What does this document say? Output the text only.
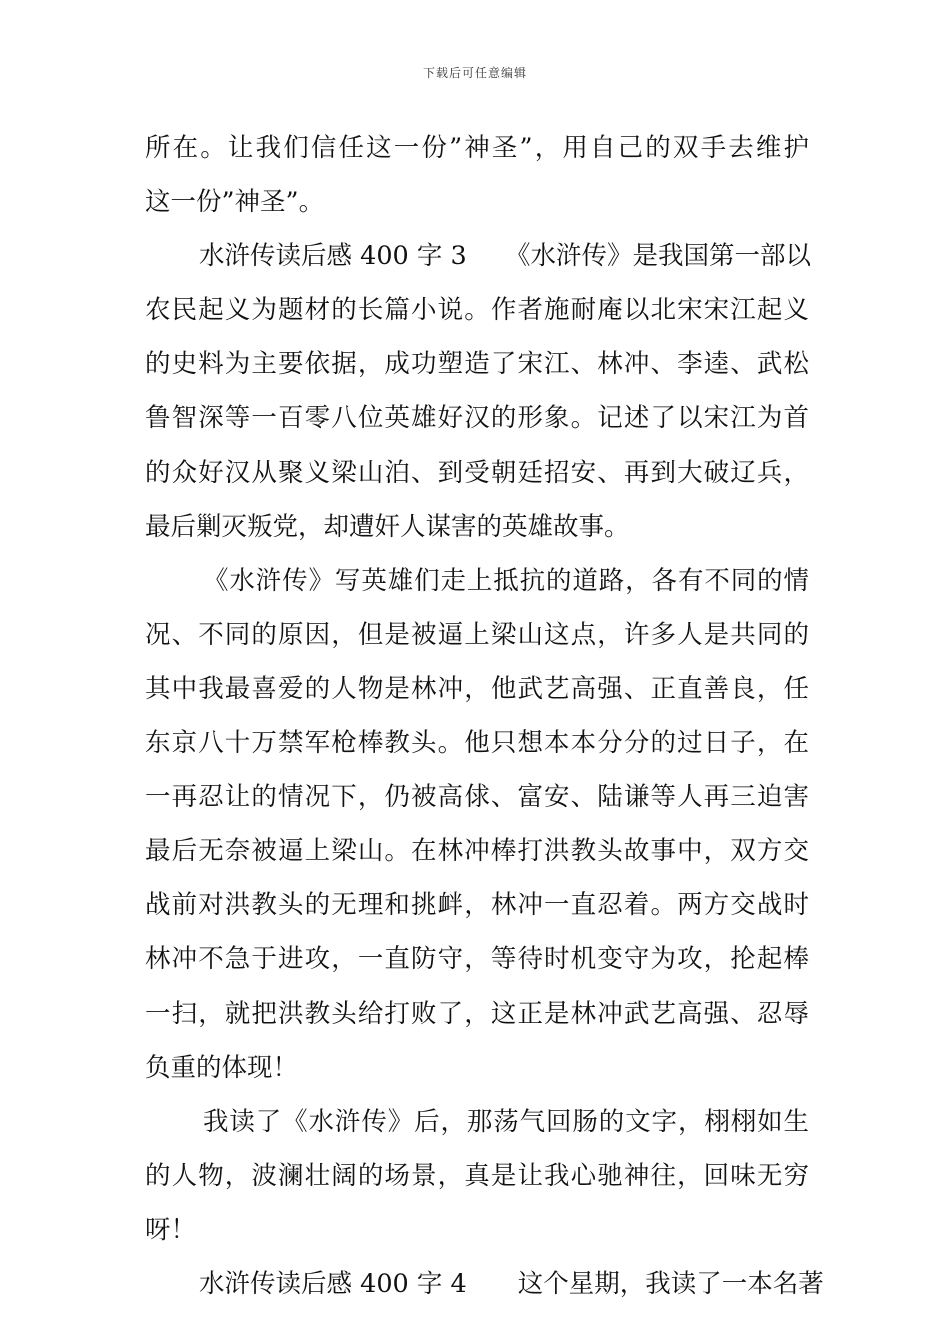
下载后可任意编辑
所在。让我们信任这一份”神圣”，用自己的双手去维护
这一份”神圣”。
水浒传读后感 400 字 3　　《水浒传》是我国第一部以
农民起义为题材的长篇小说。作者施耐庵以北宋宋江起义
的史料为主要依据，成功塑造了宋江、林冲、李逵、武松
鲁智深等一百零八位英雄好汉的形象。记述了以宋江为首
的众好汉从聚义梁山泊、到受朝廷招安、再到大破辽兵，
最后剿灭叛党，却遭奸人谋害的英雄故事。
《水浒传》写英雄们走上抵抗的道路，各有不同的情
况、不同的原因，但是被逼上梁山这点，许多人是共同的
其中我最喜爱的人物是林冲，他武艺高强、正直善良，任
东京八十万禁军枪棒教头。他只想本本分分的过日子，在
一再忍让的情况下，仍被高俅、富安、陆谦等人再三迫害
最后无奈被逼上梁山。在林冲棒打洪教头故事中，双方交
战前对洪教头的无理和挑衅，林冲一直忍着。两方交战时
林冲不急于进攻，一直防守，等待时机变守为攻，抡起棒
一扫，就把洪教头给打败了，这正是林冲武艺高强、忍辱
负重的体现！
我读了《水浒传》后，那荡气回肠的文字，栩栩如生
的人物，波澜壮阔的场景，真是让我心驰神往，回味无穷
呀！
水浒传读后感 400 字 4　　这个星期，我读了一本名著
